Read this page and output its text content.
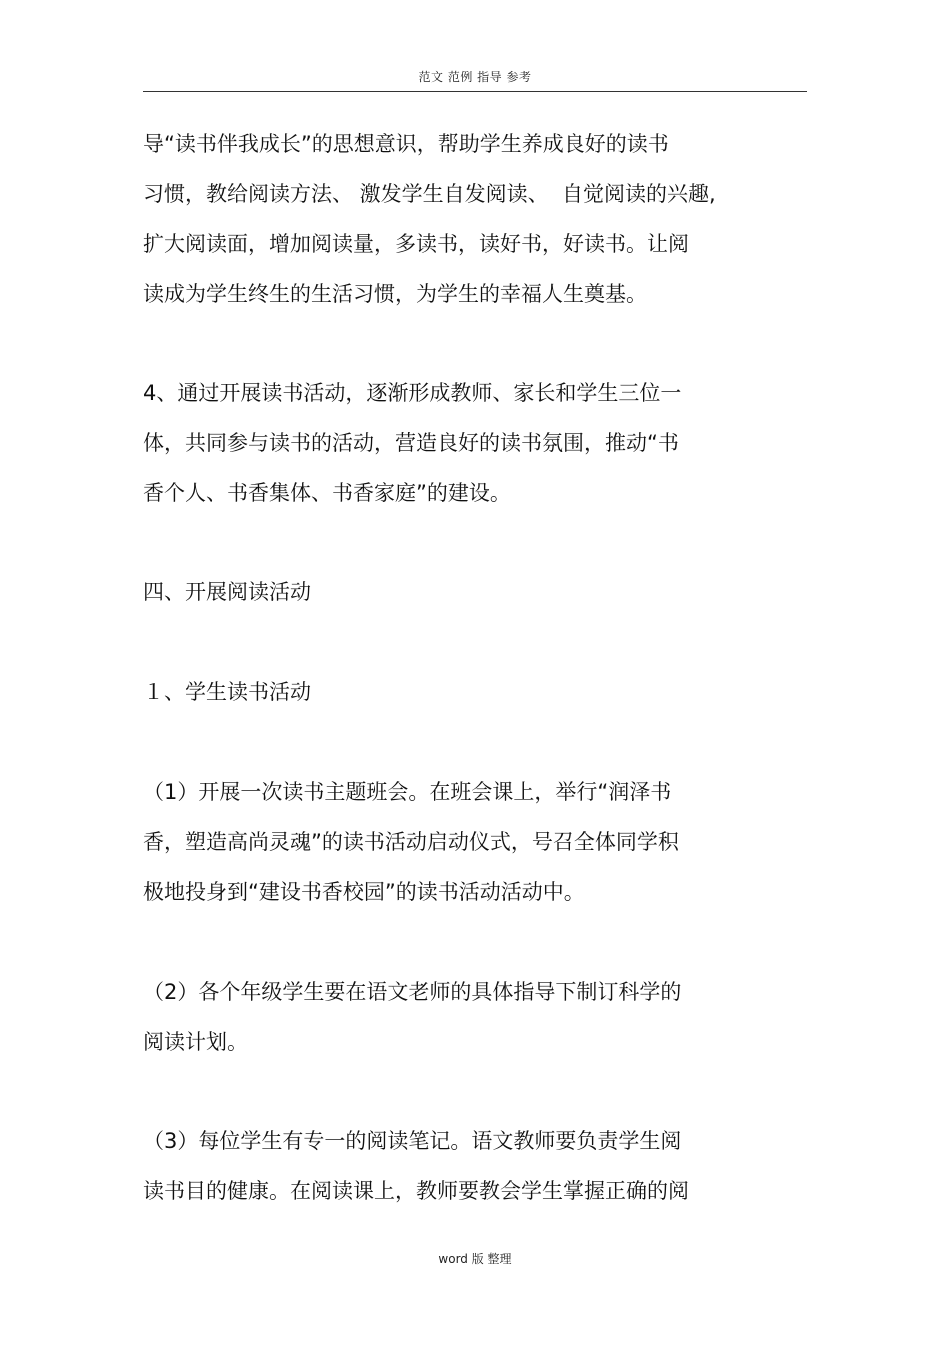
范文 范例 指导 参考

导“读书伴我成长”的思想意识，帮助学生养成良好的读书

习惯，教给阅读方法、 激发学生自发阅读、  自觉阅读的兴趣,

扩大阅读面，增加阅读量，多读书，读好书，好读书。让阅

读成为学生终生的生活习惯，为学生的幸福人生奠基。

4、通过开展读书活动，逐渐形成教师、家长和学生三位一

体，共同参与读书的活动，营造良好的读书氛围，推动“书

香个人、书香集体、书香家庭”的建设。

四、开展阅读活动

１、学生读书活动

（1）开展一次读书主题班会。在班会课上，举行“润泽书

香，塑造高尚灵魂”的读书活动启动仪式，号召全体同学积

极地投身到“建设书香校园”的读书活动活动中。

（2）各个年级学生要在语文老师的具体指导下制订科学的

阅读计划。

（3）每位学生有专一的阅读笔记。语文教师要负责学生阅

读书目的健康。在阅读课上，教师要教会学生掌握正确的阅

word 版 整理
